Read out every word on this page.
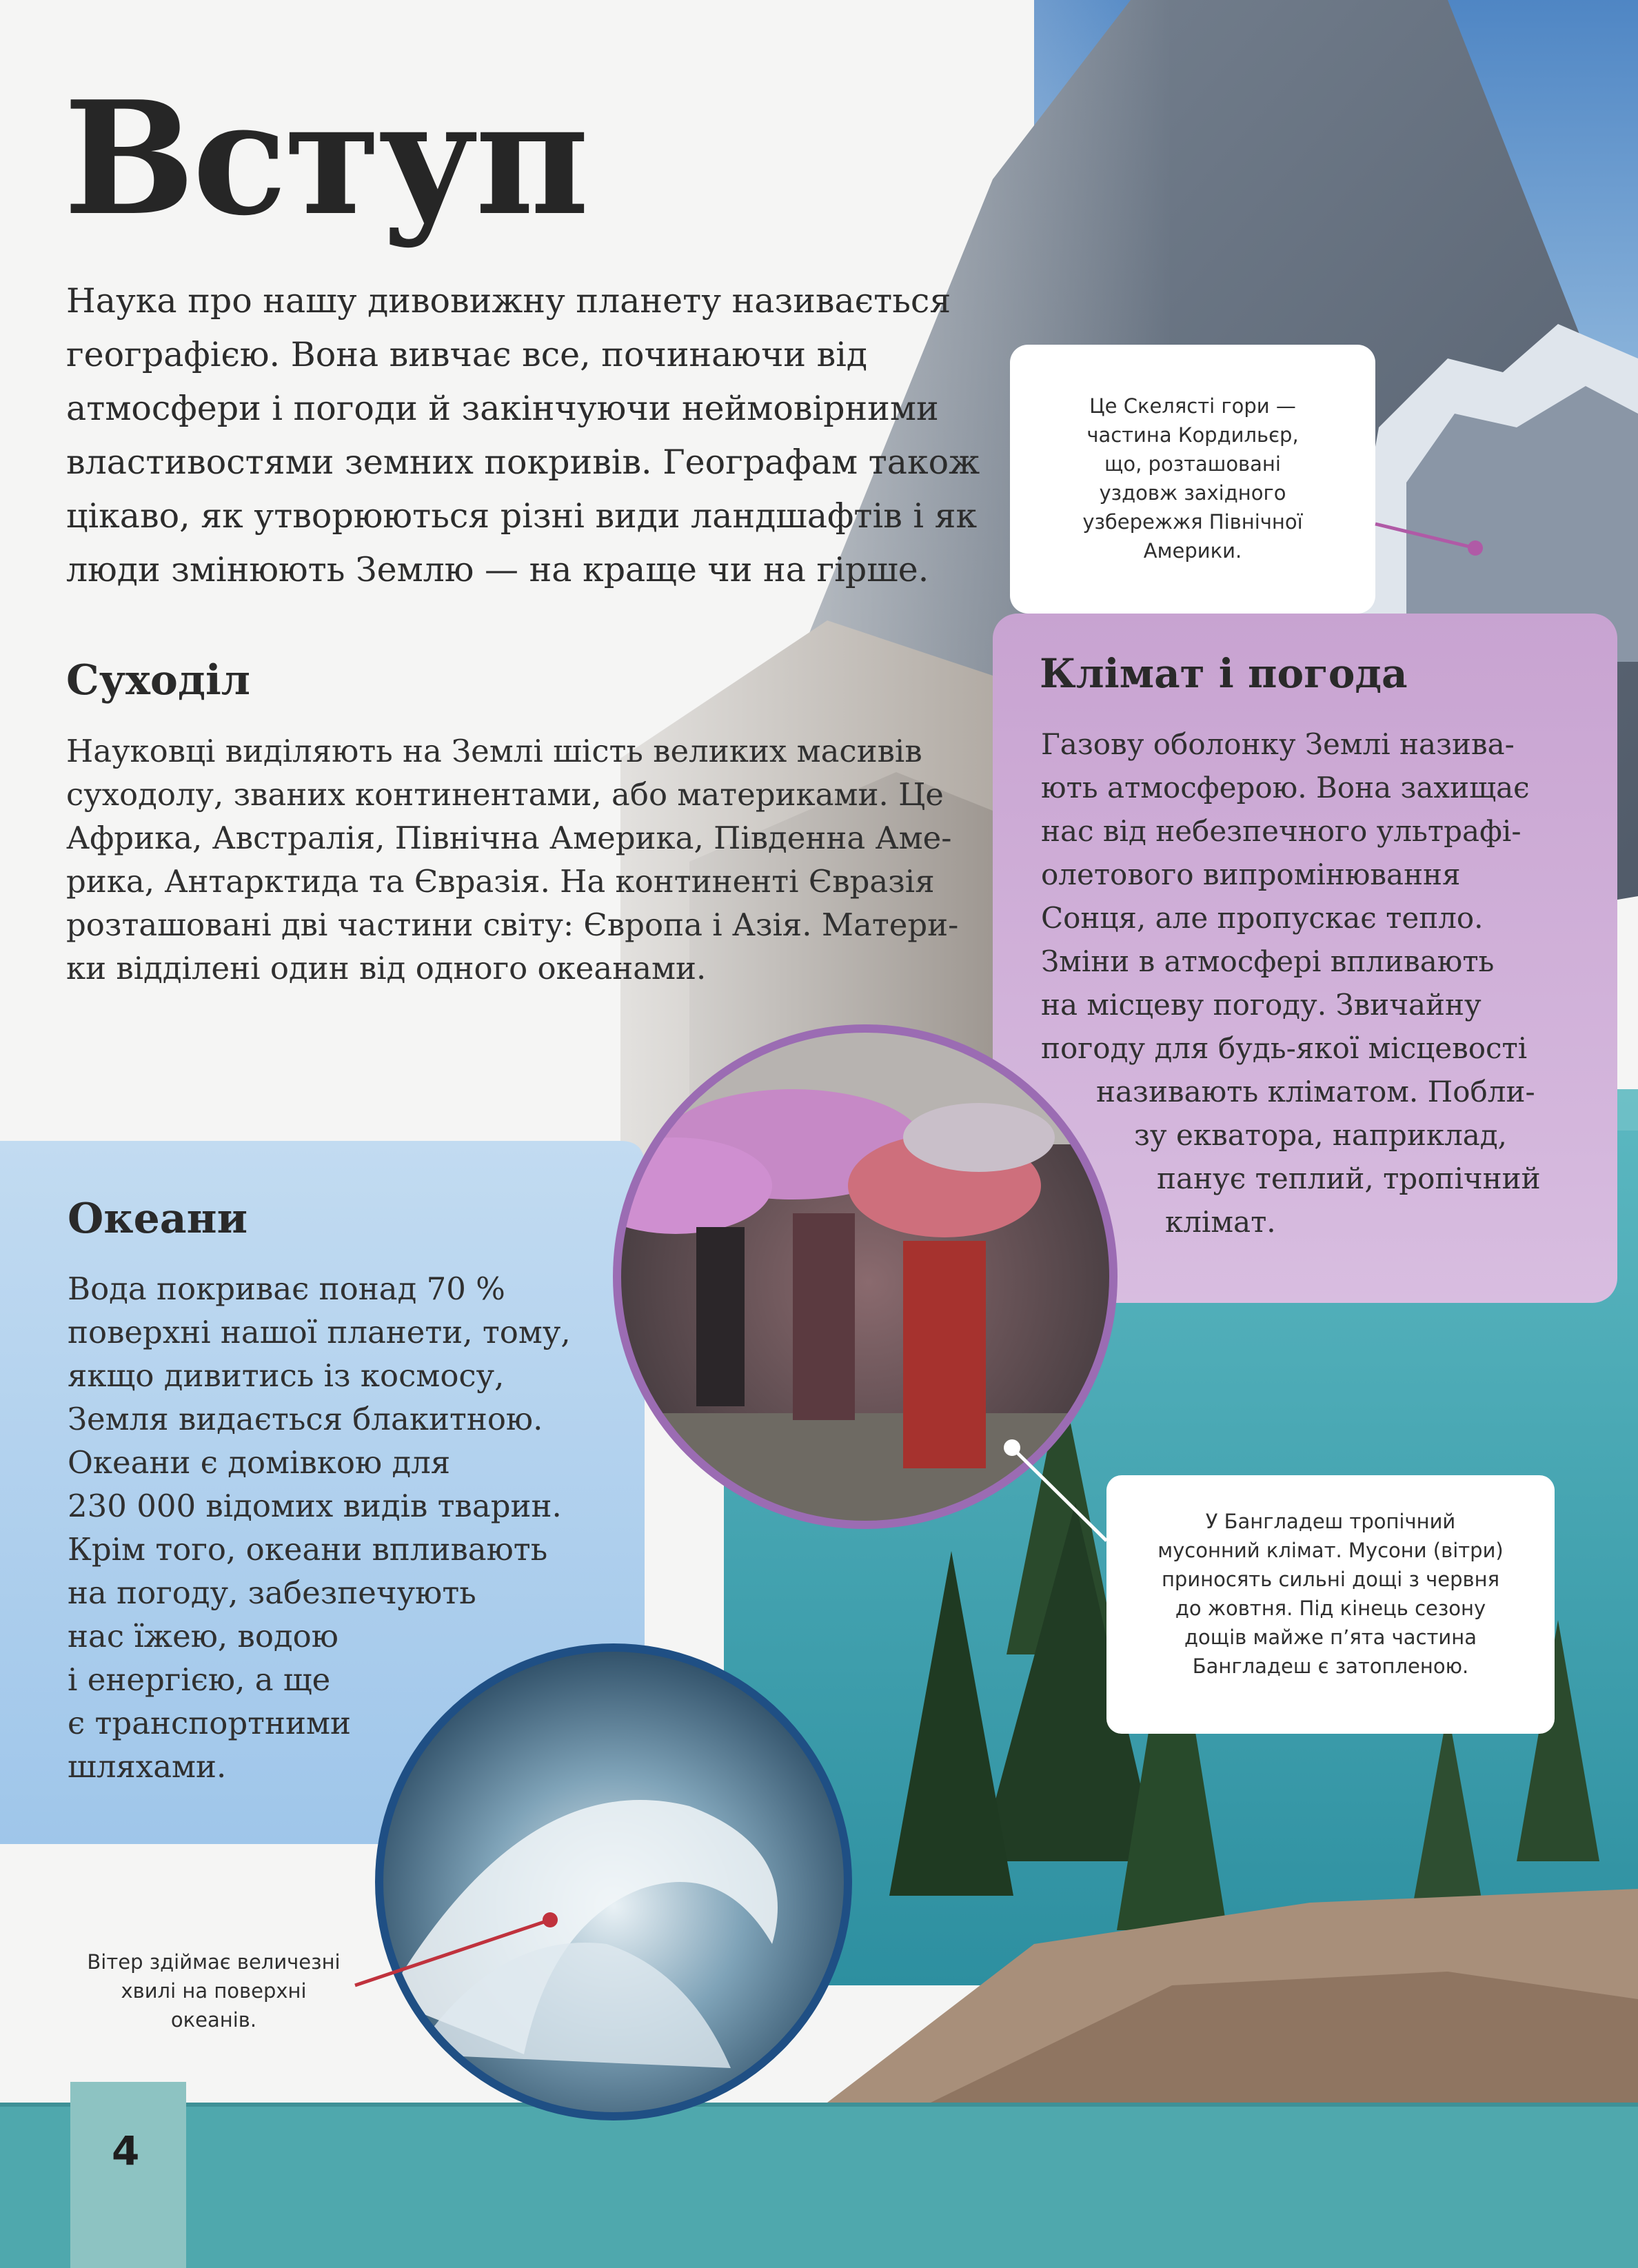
Вступ

Наука про нашу дивовижну планету називається географією. Вона вивчає все, починаючи від атмосфери і погоди й закінчуючи неймовірними властивостями земних покривів. Географам також цікаво, як утворюються різні види ландшафтів і як люди змінюють Землю — на краще чи на гірше.

Суходіл
Науковці виділяють на Землі шість великих масивів
суходолу, званих континентами, або материками. Це
Африка, Австралія, Північна Америка, Південна Аме-
рика, Антарктида та Євразія. На континенті Євразія
розташовані дві частини світу: Європа і Азія. Матери-
ки відділені один від одного океанами.
Клімат і погода
Газову оболонку Землі назива-
ють атмосферою. Вона захищає
нас від небезпечного ультрафі-
олетового випромінювання
Сонця, але пропускає тепло.
Зміни в атмосфері впливають
на місцеву погоду. Звичайну
погоду для будь-якої місцевості
називають кліматом. Побли-
зу екватора, наприклад,
панує теплий, тропічний
клімат.
Океани
Вода покриває понад 70 %
поверхні нашої планети, тому,
якщо дивитись із космосу,
Земля видається блакитною.
Океани є домівкою для
230 000 відомих видів тварин.
Крім того, океани впливають
на погоду, забезпечують
нас їжею, водою
і енергією, а ще
є транспортними
шляхами.
Це Скелясті гори —
частина Кордильєр,
що, розташовані
уздовж західного
узбережжя Північної
Америки.
У Бангладеш тропічний
мусонний клімат. Мусони (вітри)
приносять сильні дощі з червня
до жовтня. Під кінець сезону
дощів майже п’ята частина
Бангладеш є затопленою.
Вітер здіймає величезні
хвилі на поверхні
океанів.
4
